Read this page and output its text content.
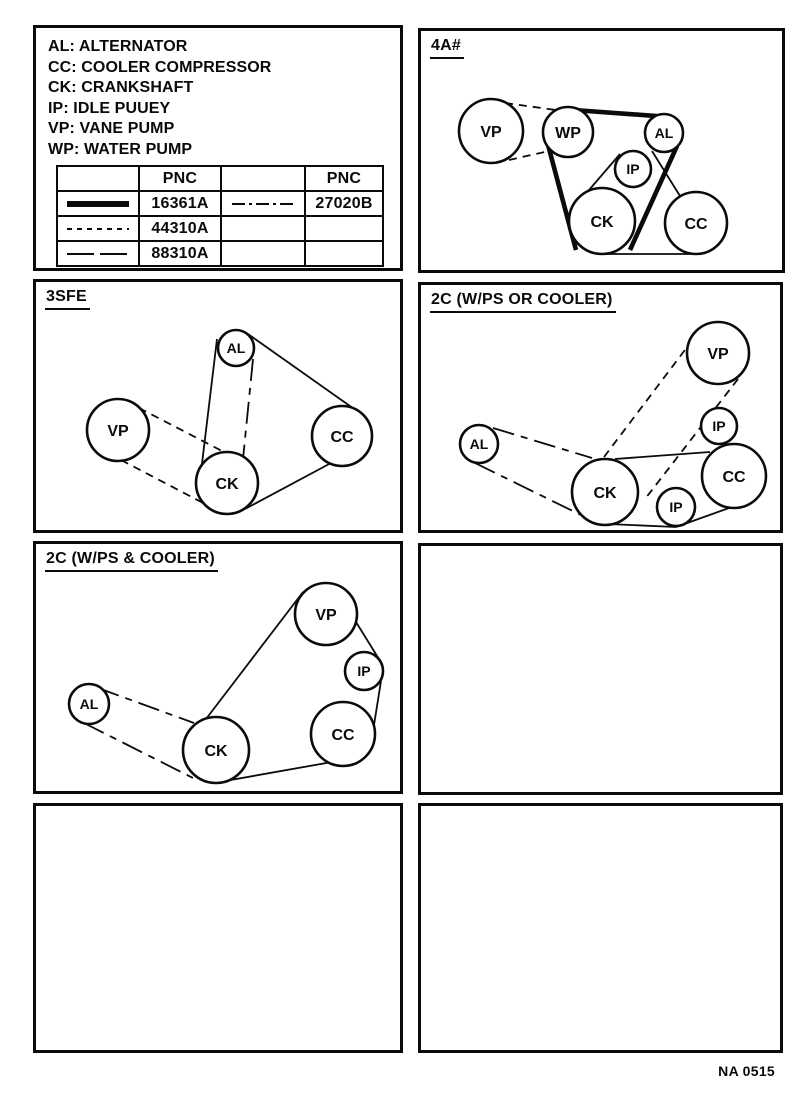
AL: ALTERNATOR
CC: COOLER COMPRESSOR
CK: CRANKSHAFT
IP: IDLE PUUEY
VP: VANE PUMP
WP: WATER PUMP
	PNC		PNC

	16361A		27020B

	44310A		

	88310A		
VP	WP	AL
IP
CK	CC
4A#
AL
VP	CC
CK
3SFE
AL
VP
IP
CC
IP
CK
2C (W/PS OR COOLER)
AL
VP
IP
CC
CK
2C (W/PS & COOLER)
NA 0515
